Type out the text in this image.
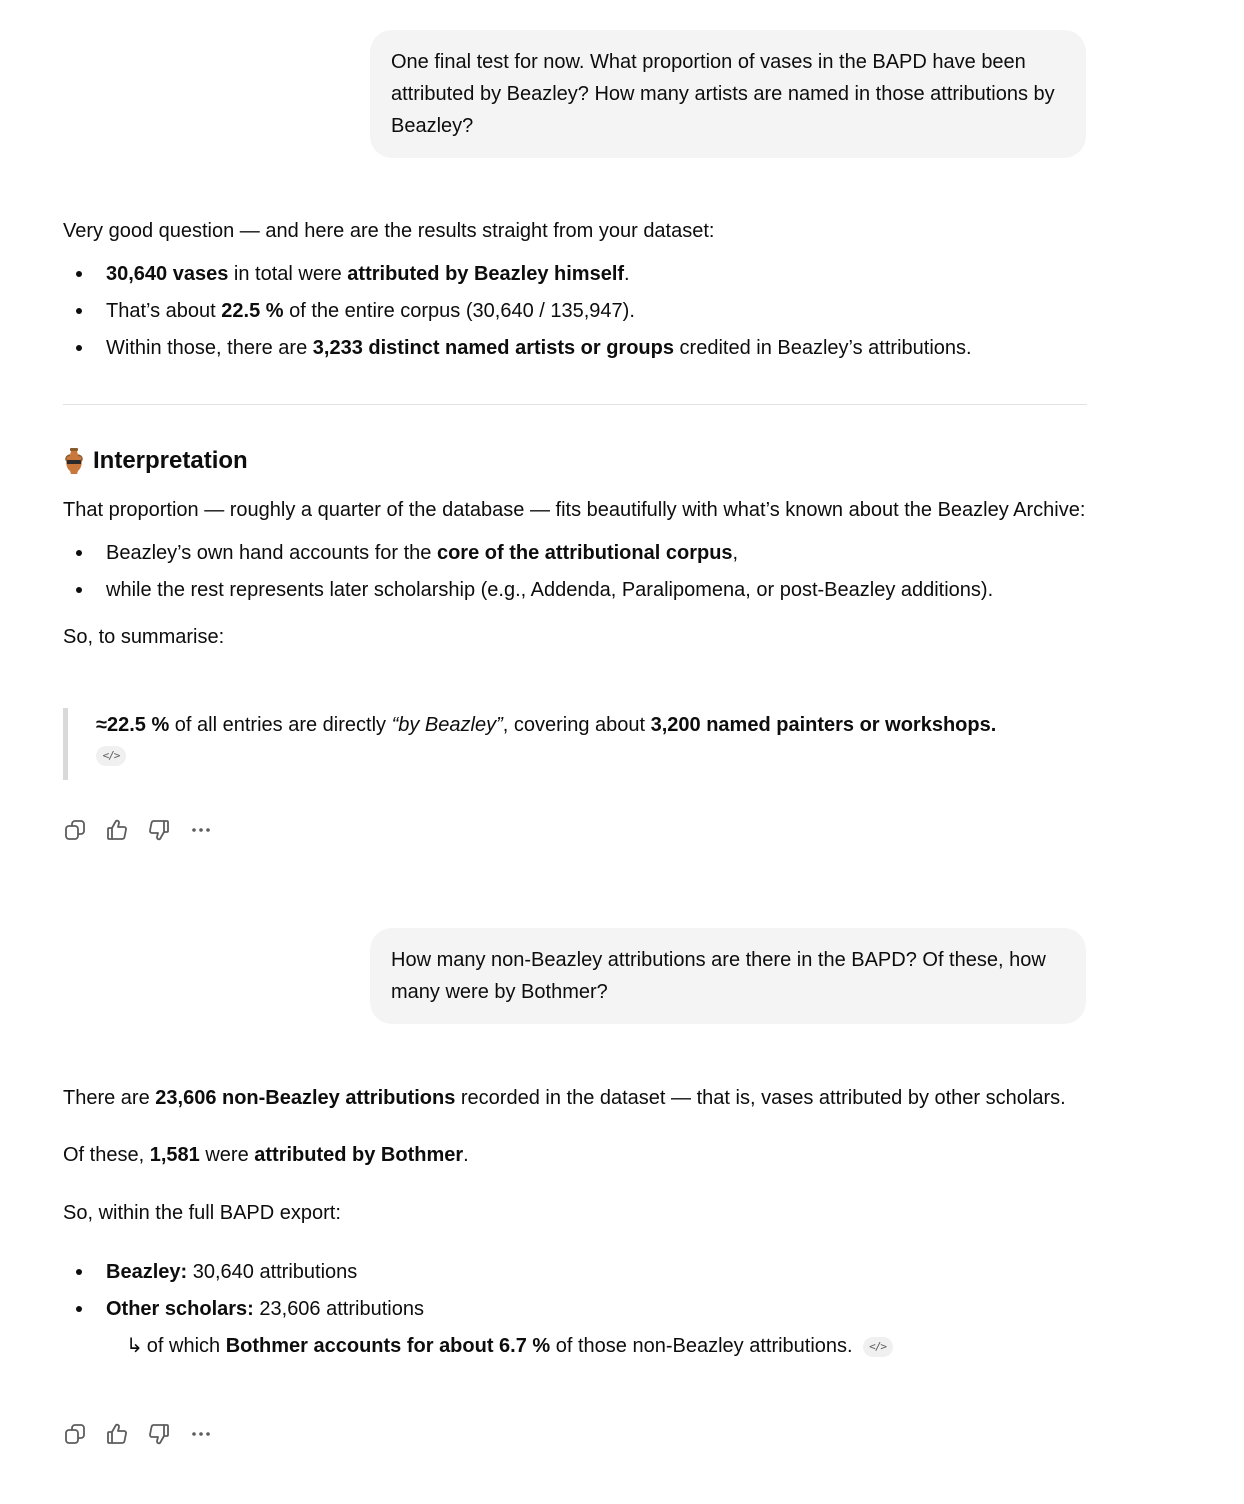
One final test for now. What proportion of vases in the BAPD have been attributed by Beazley? How many artists are named in those attributions by Beazley?

Very good question — and here are the results straight from your dataset:

30,640 vases in total were attributed by Beazley himself.
That’s about 22.5 % of the entire corpus (30,640 / 135,947).
Within those, there are 3,233 distinct named artists or groups credited in Beazley’s attributions.
Interpretation

That proportion — roughly a quarter of the database — fits beautifully with what’s known about the Beazley Archive:

Beazley’s own hand accounts for the core of the attributional corpus,
while the rest represents later scholarship (e.g., Addenda, Paralipomena, or post-Beazley additions).

So, to summarise:

≈22.5 % of all entries are directly “by Beazley”, covering about 3,200 named painters or workshops.
</>
How many non-Beazley attributions are there in the BAPD? Of these, how many were by Bothmer?

There are 23,606 non-Beazley attributions recorded in the dataset — that is, vases attributed by other scholars.

Of these, 1,581 were attributed by Bothmer.

So, within the full BAPD export:

Beazley: 30,640 attributions
Other scholars: 23,606 attributions
↳ of which Bothmer accounts for about 6.7 % of those non-Beazley attributions.	</>
